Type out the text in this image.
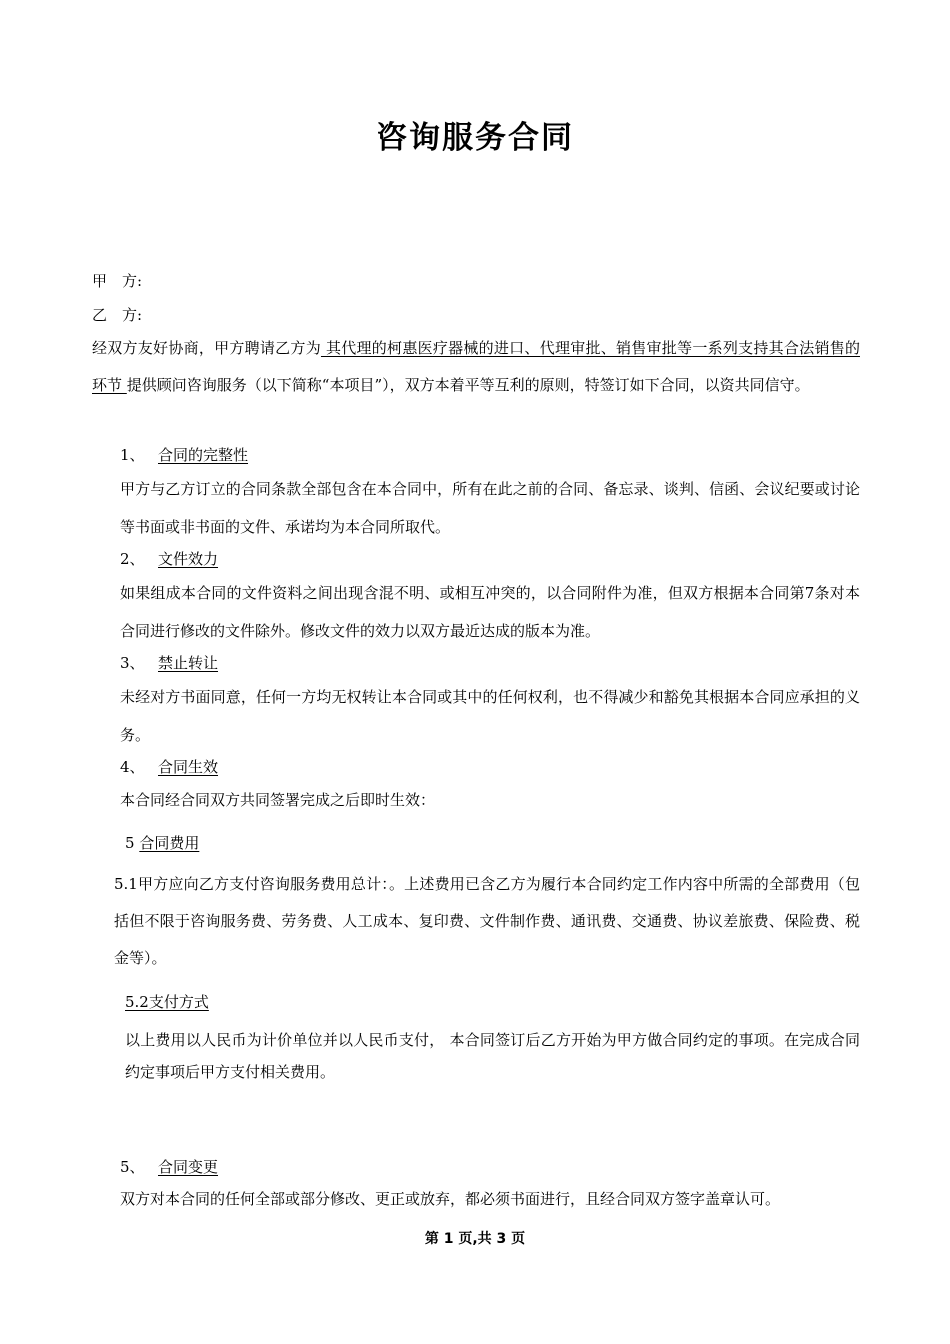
咨询服务合同
甲　方:
乙　方:
经双方友好协商，甲方聘请乙方为 其代理的柯惠医疗器械的进口、代理审批、销售审批等一系列支持其合法销售的环节 提供顾问咨询服务（以下简称“本项目”），双方本着平等互利的原则，特签订如下合同，以资共同信守。
1、 合同的完整性
甲方与乙方订立的合同条款全部包含在本合同中，所有在此之前的合同、备忘录、谈判、信函、会议纪要或讨论等书面或非书面的文件、承诺均为本合同所取代。
2、 文件效力
如果组成本合同的文件资料之间出现含混不明、或相互冲突的，以合同附件为准，但双方根据本合同第7条对本合同进行修改的文件除外。修改文件的效力以双方最近达成的版本为准。
3、 禁止转让
未经对方书面同意，任何一方均无权转让本合同或其中的任何权利，也不得减少和豁免其根据本合同应承担的义务。
4、 合同生效
本合同经合同双方共同签署完成之后即时生效：
5 合同费用
5.1甲方应向乙方支付咨询服务费用总计：。上述费用已含乙方为履行本合同约定工作内容中所需的全部费用（包括但不限于咨询服务费、劳务费、人工成本、复印费、文件制作费、通讯费、交通费、协议差旅费、保险费、税金等）。
5.2支付方式
以上费用以人民币为计价单位并以人民币支付， 本合同签订后乙方开始为甲方做合同约定的事项。在完成合同约定事项后甲方支付相关费用。
5、 合同变更
双方对本合同的任何全部或部分修改、更正或放弃，都必须书面进行，且经合同双方签字盖章认可。
第 1 页,共 3 页
